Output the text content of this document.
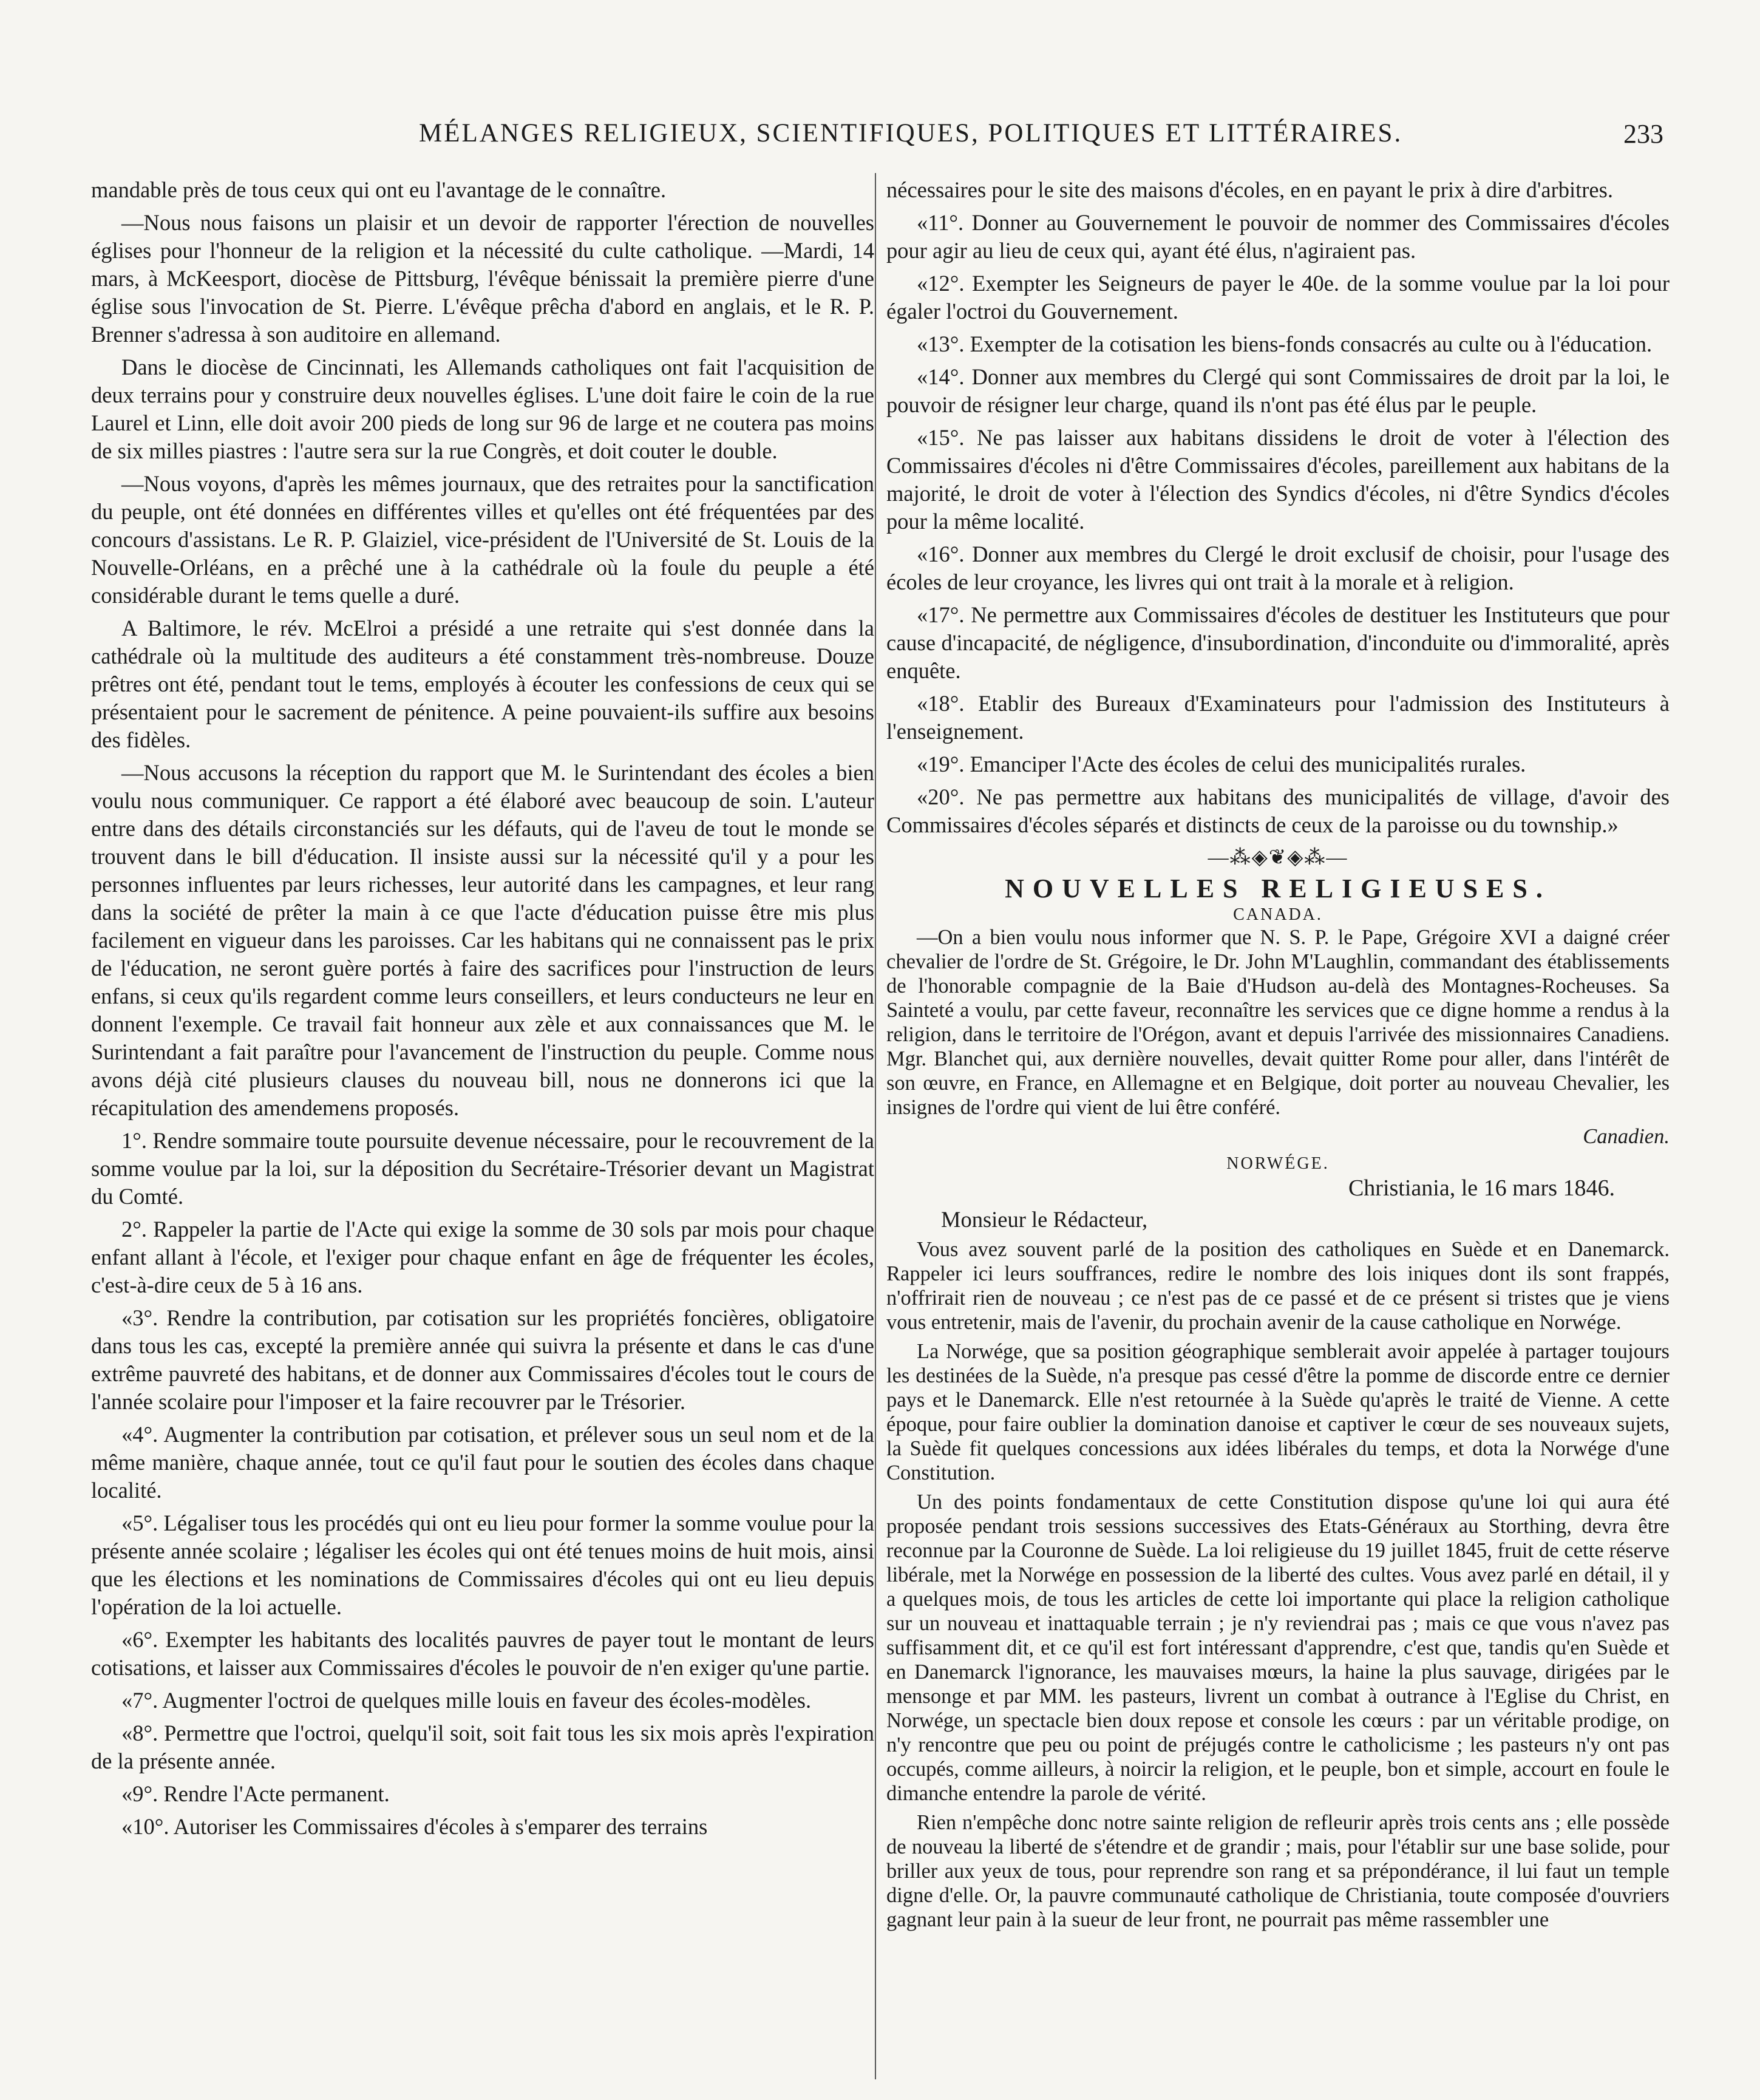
MÉLANGES RELIGIEUX, SCIENTIFIQUES, POLITIQUES ET LITTÉRAIRES.	233

mandable près de tous ceux qui ont eu l'avantage de le connaître.

—Nous nous faisons un plaisir et un devoir de rapporter l'érection de nouvelles églises pour l'honneur de la religion et la nécessité du culte catholique. —Mardi, 14 mars, à McKeesport, diocèse de Pittsburg, l'évêque bénissait la première pierre d'une église sous l'invocation de St. Pierre. L'évêque prêcha d'abord en anglais, et le R. P. Brenner s'adressa à son auditoire en allemand.

Dans le diocèse de Cincinnati, les Allemands catholiques ont fait l'acquisition de deux terrains pour y construire deux nouvelles églises. L'une doit faire le coin de la rue Laurel et Linn, elle doit avoir 200 pieds de long sur 96 de large et ne coutera pas moins de six milles piastres : l'autre sera sur la rue Congrès, et doit couter le double.

—Nous voyons, d'après les mêmes journaux, que des retraites pour la sanctification du peuple, ont été données en différentes villes et qu'elles ont été fréquentées par des concours d'assistans. Le R. P. Glaiziel, vice-président de l'Université de St. Louis de la Nouvelle-Orléans, en a prêché une à la cathédrale où la foule du peuple a été considérable durant le tems quelle a duré.

A Baltimore, le rév. McElroi a présidé a une retraite qui s'est donnée dans la cathédrale où la multitude des auditeurs a été constamment très-nombreuse. Douze prêtres ont été, pendant tout le tems, employés à écouter les confessions de ceux qui se présentaient pour le sacrement de pénitence. A peine pouvaient-ils suffire aux besoins des fidèles.

—Nous accusons la réception du rapport que M. le Surintendant des écoles a bien voulu nous communiquer. Ce rapport a été élaboré avec beaucoup de soin. L'auteur entre dans des détails circonstanciés sur les défauts, qui de l'aveu de tout le monde se trouvent dans le bill d'éducation. Il insiste aussi sur la nécessité qu'il y a pour les personnes influentes par leurs richesses, leur autorité dans les campagnes, et leur rang dans la société de prêter la main à ce que l'acte d'éducation puisse être mis plus facilement en vigueur dans les paroisses. Car les habitans qui ne connaissent pas le prix de l'éducation, ne seront guère portés à faire des sacrifices pour l'instruction de leurs enfans, si ceux qu'ils regardent comme leurs conseillers, et leurs conducteurs ne leur en donnent l'exemple. Ce travail fait honneur aux zèle et aux connaissances que M. le Surintendant a fait paraître pour l'avancement de l'instruction du peuple. Comme nous avons déjà cité plusieurs clauses du nouveau bill, nous ne donnerons ici que la récapitulation des amendemens proposés.

1°. Rendre sommaire toute poursuite devenue nécessaire, pour le recouvrement de la somme voulue par la loi, sur la déposition du Secrétaire-Trésorier devant un Magistrat du Comté.

2°. Rappeler la partie de l'Acte qui exige la somme de 30 sols par mois pour chaque enfant allant à l'école, et l'exiger pour chaque enfant en âge de fréquenter les écoles, c'est-à-dire ceux de 5 à 16 ans.

«3°. Rendre la contribution, par cotisation sur les propriétés foncières, obligatoire dans tous les cas, excepté la première année qui suivra la présente et dans le cas d'une extrême pauvreté des habitans, et de donner aux Commissaires d'écoles tout le cours de l'année scolaire pour l'imposer et la faire recouvrer par le Trésorier.

«4°. Augmenter la contribution par cotisation, et prélever sous un seul nom et de la même manière, chaque année, tout ce qu'il faut pour le soutien des écoles dans chaque localité.

«5°. Légaliser tous les procédés qui ont eu lieu pour former la somme voulue pour la présente année scolaire ; légaliser les écoles qui ont été tenues moins de huit mois, ainsi que les élections et les nominations de Commissaires d'écoles qui ont eu lieu depuis l'opération de la loi actuelle.

«6°. Exempter les habitants des localités pauvres de payer tout le montant de leurs cotisations, et laisser aux Commissaires d'écoles le pouvoir de n'en exiger qu'une partie.

«7°. Augmenter l'octroi de quelques mille louis en faveur des écoles-modèles.

«8°. Permettre que l'octroi, quelqu'il soit, soit fait tous les six mois après l'expiration de la présente année.

«9°. Rendre l'Acte permanent.

«10°. Autoriser les Commissaires d'écoles à s'emparer des terrains

nécessaires pour le site des maisons d'écoles, en en payant le prix à dire d'arbitres.

«11°. Donner au Gouvernement le pouvoir de nommer des Commissaires d'écoles pour agir au lieu de ceux qui, ayant été élus, n'agiraient pas.

«12°. Exempter les Seigneurs de payer le 40e. de la somme voulue par la loi pour égaler l'octroi du Gouvernement.

«13°. Exempter de la cotisation les biens-fonds consacrés au culte ou à l'éducation.

«14°. Donner aux membres du Clergé qui sont Commissaires de droit par la loi, le pouvoir de résigner leur charge, quand ils n'ont pas été élus par le peuple.

«15°. Ne pas laisser aux habitans dissidens le droit de voter à l'élection des Commissaires d'écoles ni d'être Commissaires d'écoles, pareillement aux habitans de la majorité, le droit de voter à l'élection des Syndics d'écoles, ni d'être Syndics d'écoles pour la même localité.

«16°. Donner aux membres du Clergé le droit exclusif de choisir, pour l'usage des écoles de leur croyance, les livres qui ont trait à la morale et à religion.

«17°. Ne permettre aux Commissaires d'écoles de destituer les Instituteurs que pour cause d'incapacité, de négligence, d'insubordination, d'inconduite ou d'immoralité, après enquête.

«18°. Etablir des Bureaux d'Examinateurs pour l'admission des Instituteurs à l'enseignement.

«19°. Emanciper l'Acte des écoles de celui des municipalités rurales.

«20°. Ne pas permettre aux habitans des municipalités de village, d'avoir des Commissaires d'écoles séparés et distincts de ceux de la paroisse ou du township.»

—⁂◈❦◈⁂—
NOUVELLES RELIGIEUSES.
CANADA.

—On a bien voulu nous informer que N. S. P. le Pape, Grégoire XVI a daigné créer chevalier de l'ordre de St. Grégoire, le Dr. John M'Laughlin, commandant des établissements de l'honorable compagnie de la Baie d'Hudson au-delà des Montagnes-Rocheuses. Sa Sainteté a voulu, par cette faveur, reconnaître les services que ce digne homme a rendus à la religion, dans le territoire de l'Orégon, avant et depuis l'arrivée des missionnaires Canadiens. Mgr. Blanchet qui, aux dernière nouvelles, devait quitter Rome pour aller, dans l'intérêt de son œuvre, en France, en Allemagne et en Belgique, doit porter au nouveau Chevalier, les insignes de l'ordre qui vient de lui être conféré.

Canadien.

NORWÉGE.
Christiania, le 16 mars 1846.
Monsieur le Rédacteur,

Vous avez souvent parlé de la position des catholiques en Suède et en Danemarck. Rappeler ici leurs souffrances, redire le nombre des lois iniques dont ils sont frappés, n'offrirait rien de nouveau ; ce n'est pas de ce passé et de ce présent si tristes que je viens vous entretenir, mais de l'avenir, du prochain avenir de la cause catholique en Norwége.

La Norwége, que sa position géographique semblerait avoir appelée à partager toujours les destinées de la Suède, n'a presque pas cessé d'être la pomme de discorde entre ce dernier pays et le Danemarck. Elle n'est retournée à la Suède qu'après le traité de Vienne. A cette époque, pour faire oublier la domination danoise et captiver le cœur de ses nouveaux sujets, la Suède fit quelques concessions aux idées libérales du temps, et dota la Norwége d'une Constitution.

Un des points fondamentaux de cette Constitution dispose qu'une loi qui aura été proposée pendant trois sessions successives des Etats-Généraux au Storthing, devra être reconnue par la Couronne de Suède. La loi religieuse du 19 juillet 1845, fruit de cette réserve libérale, met la Norwége en possession de la liberté des cultes. Vous avez parlé en détail, il y a quelques mois, de tous les articles de cette loi importante qui place la religion catholique sur un nouveau et inattaquable terrain ; je n'y reviendrai pas ; mais ce que vous n'avez pas suffisamment dit, et ce qu'il est fort intéressant d'apprendre, c'est que, tandis qu'en Suède et en Danemarck l'ignorance, les mauvaises mœurs, la haine la plus sauvage, dirigées par le mensonge et par MM. les pasteurs, livrent un combat à outrance à l'Eglise du Christ, en Norwége, un spectacle bien doux repose et console les cœurs : par un véritable prodige, on n'y rencontre que peu ou point de préjugés contre le catholicisme ; les pasteurs n'y ont pas occupés, comme ailleurs, à noircir la religion, et le peuple, bon et simple, accourt en foule le dimanche entendre la parole de vérité.

Rien n'empêche donc notre sainte religion de refleurir après trois cents ans ; elle possède de nouveau la liberté de s'étendre et de grandir ; mais, pour l'établir sur une base solide, pour briller aux yeux de tous, pour reprendre son rang et sa prépondérance, il lui faut un temple digne d'elle. Or, la pauvre communauté catholique de Christiania, toute composée d'ouvriers gagnant leur pain à la sueur de leur front, ne pourrait pas même rassembler une
